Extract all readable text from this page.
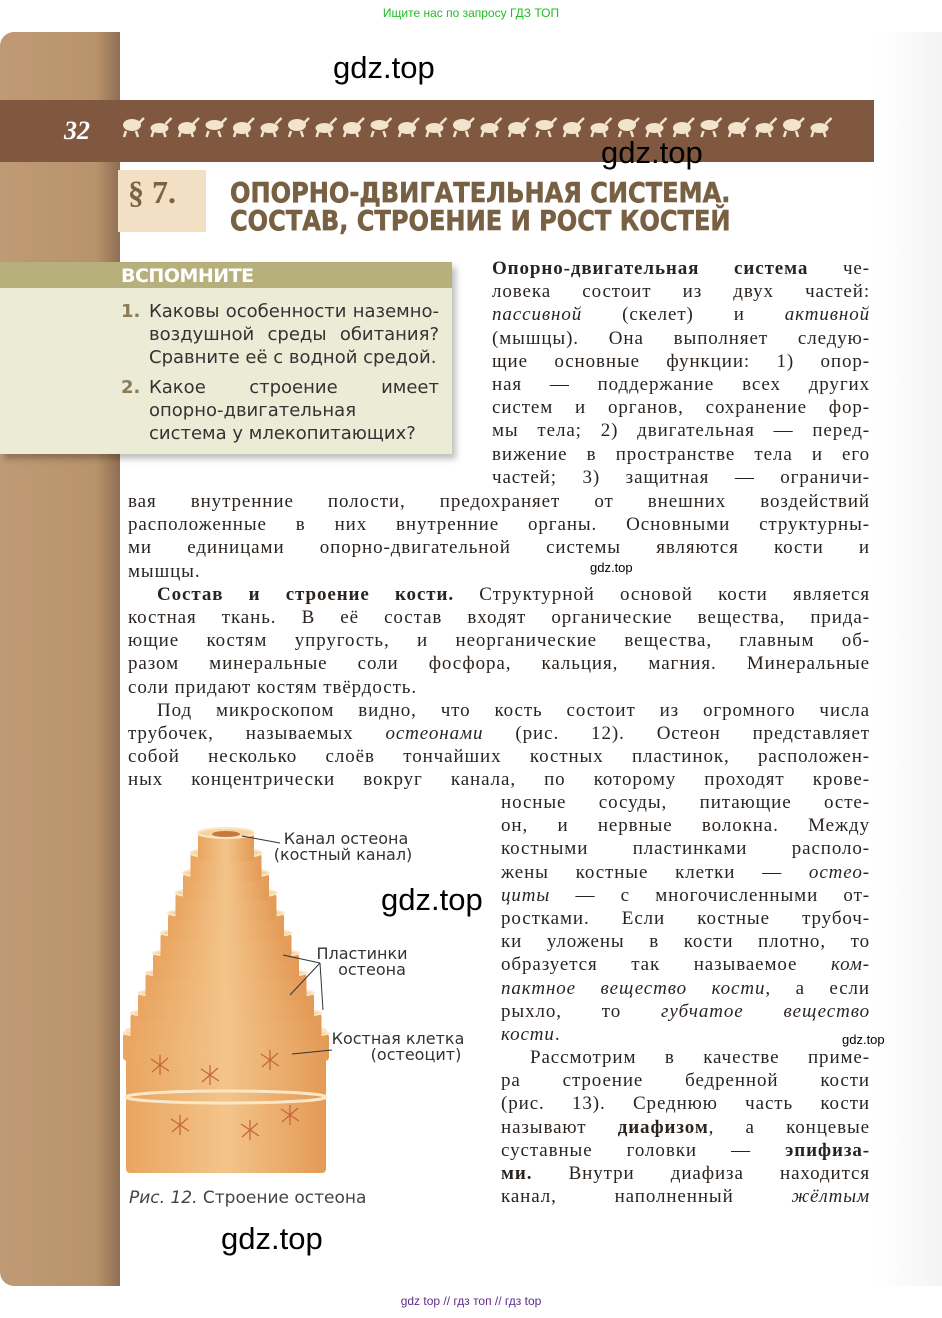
Ищите нас по запросу ГДЗ ТОП
32
§ 7. ОПОРНО-ДВИГАТЕЛЬНАЯ СИСТЕМА.
СОСТАВ, СТРОЕНИЕ И РОСТ КОСТЕЙ
ВСПОМНИТЕ
1. Каковы особенности наземно-воздушной среды обитания? Сравните её с водной средой.
2. Какое строение имеет опорно-двигательная система у млекопитающих?
Опорно-двигательная система че-
ловека состоит из двух частей:
пассивной (скелет) и активной
(мышцы). Она выполняет следую-
щие основные функции: 1) опор-
ная — поддержание всех других
систем и органов, сохранение фор-
мы тела; 2) двигательная — перед-
вижение в пространстве тела и его
частей; 3) защитная — ограничи-
вая внутренние полости, предохраняет от внешних воздействий
расположенные в них внутренние органы. Основными структурны-
ми единицами опорно-двигательной системы являются кости и
мышцы.
Состав и строение кости. Структурной основой кости является
костная ткань. В её состав входят органические вещества, прида-
ющие костям упругость, и неорганические вещества, главным об-
разом минеральные соли фосфора, кальция, магния. Минеральные
соли придают костям твёрдость.
Под микроскопом видно, что кость состоит из огромного числа
трубочек, называемых остеонами (рис. 12). Остеон представляет
собой несколько слоёв тончайших костных пластинок, расположен-
ных концентрически вокруг канала, по которому проходят крове-
носные сосуды, питающие осте-
он, и нервные волокна. Между
костными пластинками располо-
жены костные клетки — остео-
циты — с многочисленными от-
ростками. Если костные трубоч-
ки уложены в кости плотно, то
образуется так называемое ком-
пактное вещество кости, а если
рыхло, то губчатое вещество
кости.
Рассмотрим в качестве приме-
ра строение бедренной кости
(рис. 13). Среднюю часть кости
называют диафизом, а концевые
суставные головки — эпифиза-
ми. Внутри диафиза находится
канал, наполненный жёлтым
Канал остеона
(костный канал)
Пластинки
остеона
Костная клетка
(остеоцит)
Рис. 12. Строение остеона
gdz.top
gdz.top
gdz.top
gdz.top
gdz.top
gdz.top
gdz top // гдз топ // гдз top
